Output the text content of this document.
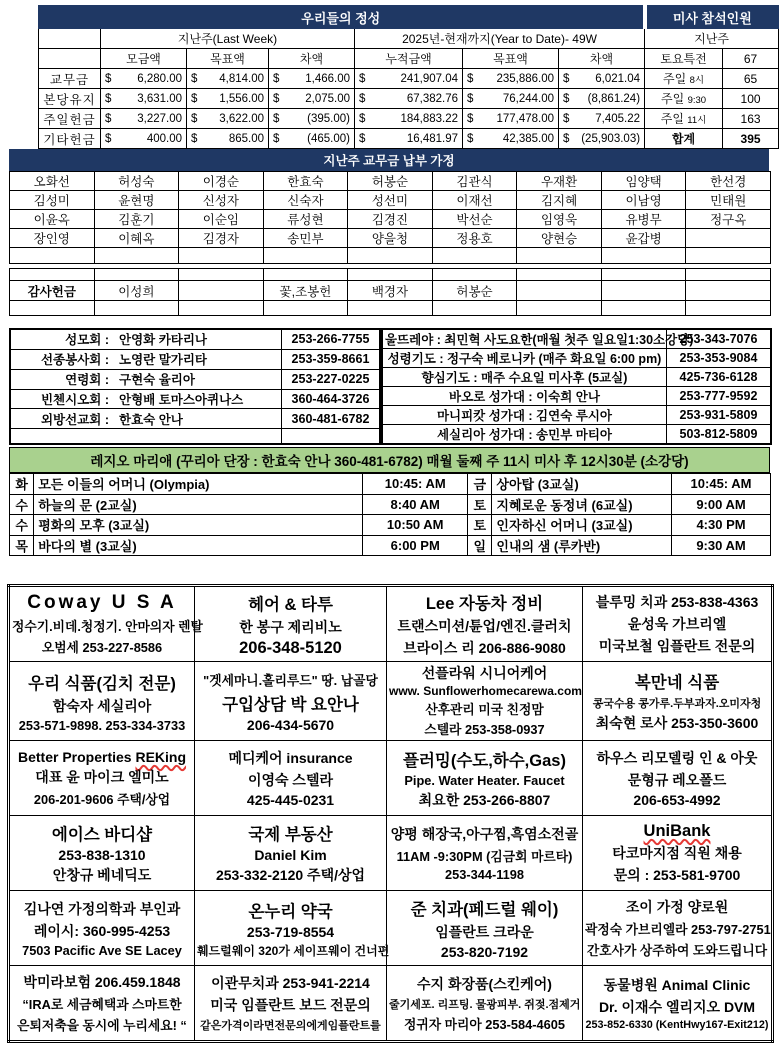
우리들의 정성							미사 참석인원	
	지난주(Last Week)			2025년-현재까지(Year to Date)- 49W			지난주	
	모금액	목표액	차액	누적금액	목표액	차액	토요특전	67
교무금	$ 6,280.00	$ 4,814.00	$ 1,466.00	$ 241,907.04	$ 235,886.00	$ 6,021.04	주일 8시	65
본당유지	$ 3,631.00	$ 1,556.00	$ 2,075.00	$ 67,382.76	$ 76,244.00	$ (8,861.24)	주일 9:30	100
주일헌금	$ 3,227.00	$ 3,622.00	$ (395.00)	$ 184,883.22	$ 177,478.00	$ 7,405.22	주일 11시	163
기타헌금	$ 400.00	$ 865.00	$ (465.00)	$ 16,481.97	$ 42,385.00	$ (25,903.03)	합계	395
지난주 교무금 납부 가정
오화선	허성숙	이경순	한효숙	허봉순	김관식	우재환	임양택	한선경
김성미	윤현명	신성자	신숙자	성선미	이재선	김지혜	이남영	민태원
이윤옥	김훈기	이순임	류성현	김경진	박선순	임영욱	유병무	정구옥
장인영	이혜옥	김경자	송민부	양을청	정용호	양현승	윤갑병	

감사헌금	이성희		꽃,조봉헌	백경자	허봉순			

성모회 : 안영화 카타리나	253-266-7755
선종봉사회 : 노영란 말가리타	253-359-8661
연령회 : 구현숙 율리아	253-227-0225
빈첸시오회 : 안형배 토마스아퀴나스	360-464-3726
외방선교회 : 한효숙 안나	360-481-6782

울뜨레야 : 최민혁 사도요한(매월 첫주 일요일1:30소강당)	253-343-7076
성령기도 : 정구숙 베로니카 (매주 화요일 6:00 pm)	253-353-9084
향심기도 : 매주 수요일 미사후 (5교실)	425-736-6128
바오로 성가대 : 이숙희 안나	253-777-9592
마니피캇 성가대 : 김연숙 루시아	253-931-5809
세실리아 성가대 : 송민부 마티아	503-812-5809
레지오 마리애 (꾸리아 단장 : 한효숙 안나 360-481-6782) 매월 둘째 주 11시 미사 후 12시30분 (소강당)
화	모든 이들의 어머니 (Olympia)	10:45: AM	금	상아탑 (3교실)	10:45: AM
수	하늘의 문 (2교실)	8:40 AM	토	지혜로운 동정녀 (6교실)	9:00 AM
수	평화의 모후 (3교실)	10:50 AM	토	인자하신 어머니 (3교실)	4:30 PM
목	바다의 별 (3교실)	6:00 PM	일	인내의 샘 (루카반)	9:30 AM
Coway U S A
정수기.비데.청정기. 안마의자 렌탈
오범세 253-227-8586

헤어 & 타투
한 봉구 제리비노
206-348-5120

Lee 자동차 정비
트랜스미션/튠업/엔진.클러치
브라이스 리 206-886-9080

블루밍 치과 253-838-4363
윤성욱 가브리엘
미국보철 임플란트 전문의

우리 식품(김치 전문)
함숙자 세실리아
253-571-9898. 253-334-3733

"겟세마니.홀리루드" 땅. 납골당
구입상담 박 요안나
206-434-5670

선플라워 시니어케어
www. Sunflowerhomecarewa.com
산후관리 미국 친정맘
스텔라 253-358-0937

복만네 식품
콩국수용 콩가루.두부과자.오미자청
최숙현 로사 253-350-3600

Better Properties REKing
대표 윤 마이크 엘미노
206-201-9606 주택/상업

메디케어 insurance
이영숙 스텔라
425-445-0231

플러밍(수도,하수,Gas)
Pipe. Water Heater. Faucet
최요한 253-266-8807

하우스 리모델링 인 & 아웃
문형규 레오폴드
206-653-4992

에이스 바디샵
253-838-1310
안창규 베네딕도

국제 부동산
Daniel Kim
253-332-2120 주택/상업

양평 해장국,아구찜,흑염소전골
11AM -9:30PM (김금회 마르타)
253-344-1198

UniBank
타코마지점 직원 채용
문의 : 253-581-9700

김나연 가정의학과 부인과
레이시: 360-995-4253
7503 Pacific Ave SE Lacey

온누리 약국
253-719-8554
훼드럴웨이 320가 세이프웨이 건너편

준 치과(페드럴 웨이)
임플란트 크라운
253-820-7192

조이 가정 양로원
곽정숙 가브리엘라 253-797-2751
간호사가 상주하여 도와드립니다

박미라보험 206.459.1848
“IRA로 세금혜택과 스마트한
은퇴저축을 동시에 누리세요! “

이관무치과 253-941-2214
미국 임플란트 보드 전문의
같은가격이라면전문의에게임플란트를

수지 화장품(스킨케어)
줄기세포. 리프팅. 물광피부. 쥐젖.점제거
정귀자 마리아 253-584-4605

동물병원 Animal Clinic
Dr. 이재수 엘리지오 DVM
253-852-6330 (KentHwy167-Exit212)
